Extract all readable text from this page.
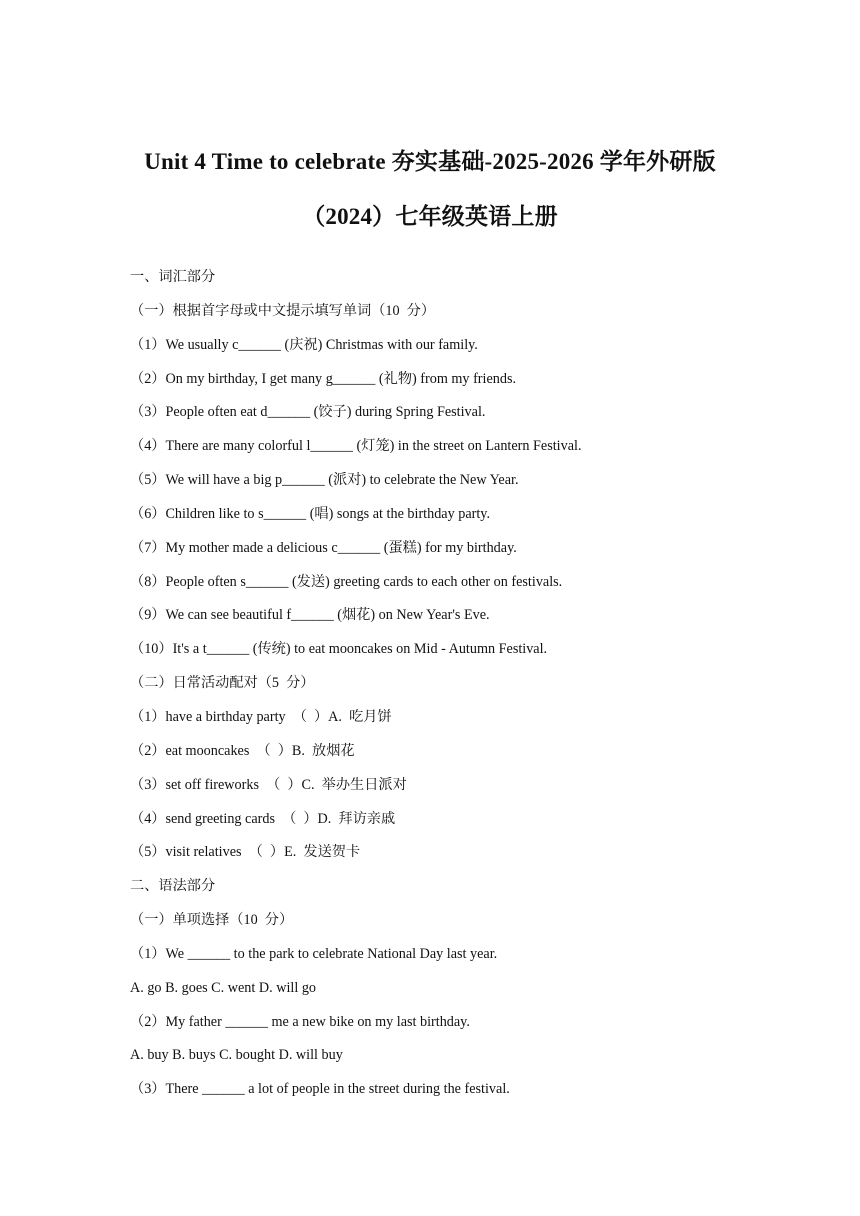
Unit 4 Time to celebrate 夯实基础-2025-2026 学年外研版
（2024）七年级英语上册
一、词汇部分
（一）根据首字母或中文提示填写单词（10  分）
（1）We usually c______ (庆祝) Christmas with our family.
（2）On my birthday, I get many g______ (礼物) from my friends.
（3）People often eat d______ (饺子) during Spring Festival.
（4）There are many colorful l______ (灯笼) in the street on Lantern Festival.
（5）We will have a big p______ (派对) to celebrate the New Year.
（6）Children like to s______ (唱) songs at the birthday party.
（7）My mother made a delicious c______ (蛋糕) for my birthday.
（8）People often s______ (发送) greeting cards to each other on festivals.
（9）We can see beautiful f______ (烟花) on New Year's Eve.
（10）It's a t______ (传统) to eat mooncakes on Mid - Autumn Festival.
（二）日常活动配对（5  分）
（1）have a birthday party  （  ）A.  吃月饼
（2）eat mooncakes  （  ）B.  放烟花
（3）set off fireworks  （  ）C.  举办生日派对
（4）send greeting cards  （  ）D.  拜访亲戚
（5）visit relatives  （  ）E.  发送贺卡
二、语法部分
（一）单项选择（10  分）
（1）We ______ to the park to celebrate National Day last year.
A. go B. goes C. went D. will go
（2）My father ______ me a new bike on my last birthday.
A. buy B. buys C. bought D. will buy
（3）There ______ a lot of people in the street during the festival.
